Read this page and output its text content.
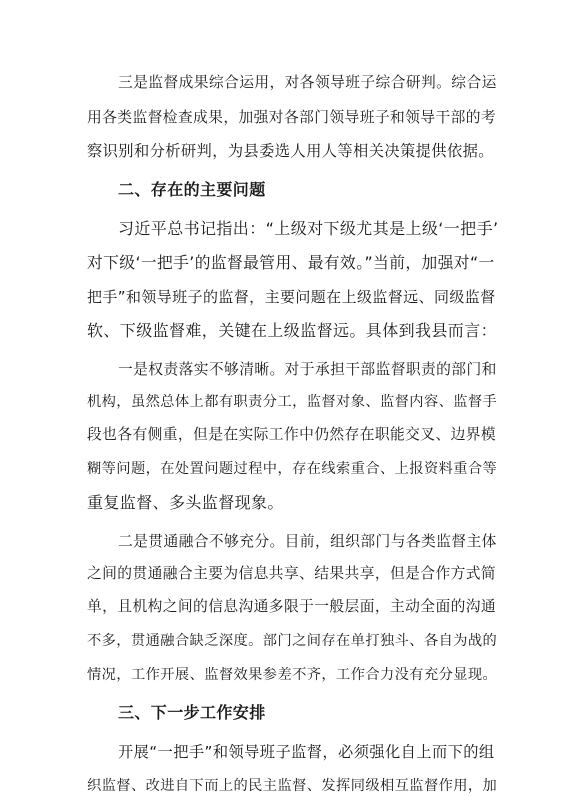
三是监督成果综合运用，对各领导班子综合研判。综合运
用各类监督检查成果，加强对各部门领导班子和领导干部的考
察识别和分析研判，为县委选人用人等相关决策提供依据。
二、存在的主要问题
习近平总书记指出：“上级对下级尤其是上级‘一把手’
对下级‘一把手’的监督最管用、最有效。”当前，加强对“一
把手”和领导班子的监督，主要问题在上级监督远、同级监督
软、下级监督难，关键在上级监督远。具体到我县而言：
一是权责落实不够清晰。对于承担干部监督职责的部门和
机构，虽然总体上都有职责分工，监督对象、监督内容、监督手
段也各有侧重，但是在实际工作中仍然存在职能交叉、边界模
糊等问题，在处置问题过程中，存在线索重合、上报资料重合等
重复监督、多头监督现象。
二是贯通融合不够充分。目前，组织部门与各类监督主体
之间的贯通融合主要为信息共享、结果共享，但是合作方式简
单，且机构之间的信息沟通多限于一般层面，主动全面的沟通
不多，贯通融合缺乏深度。部门之间存在单打独斗、各自为战的
情况，工作开展、监督效果参差不齐，工作合力没有充分显现。
三、下一步工作安排
开展“一把手”和领导班子监督，必须强化自上而下的组
织监督、改进自下而上的民主监督、发挥同级相互监督作用，加
